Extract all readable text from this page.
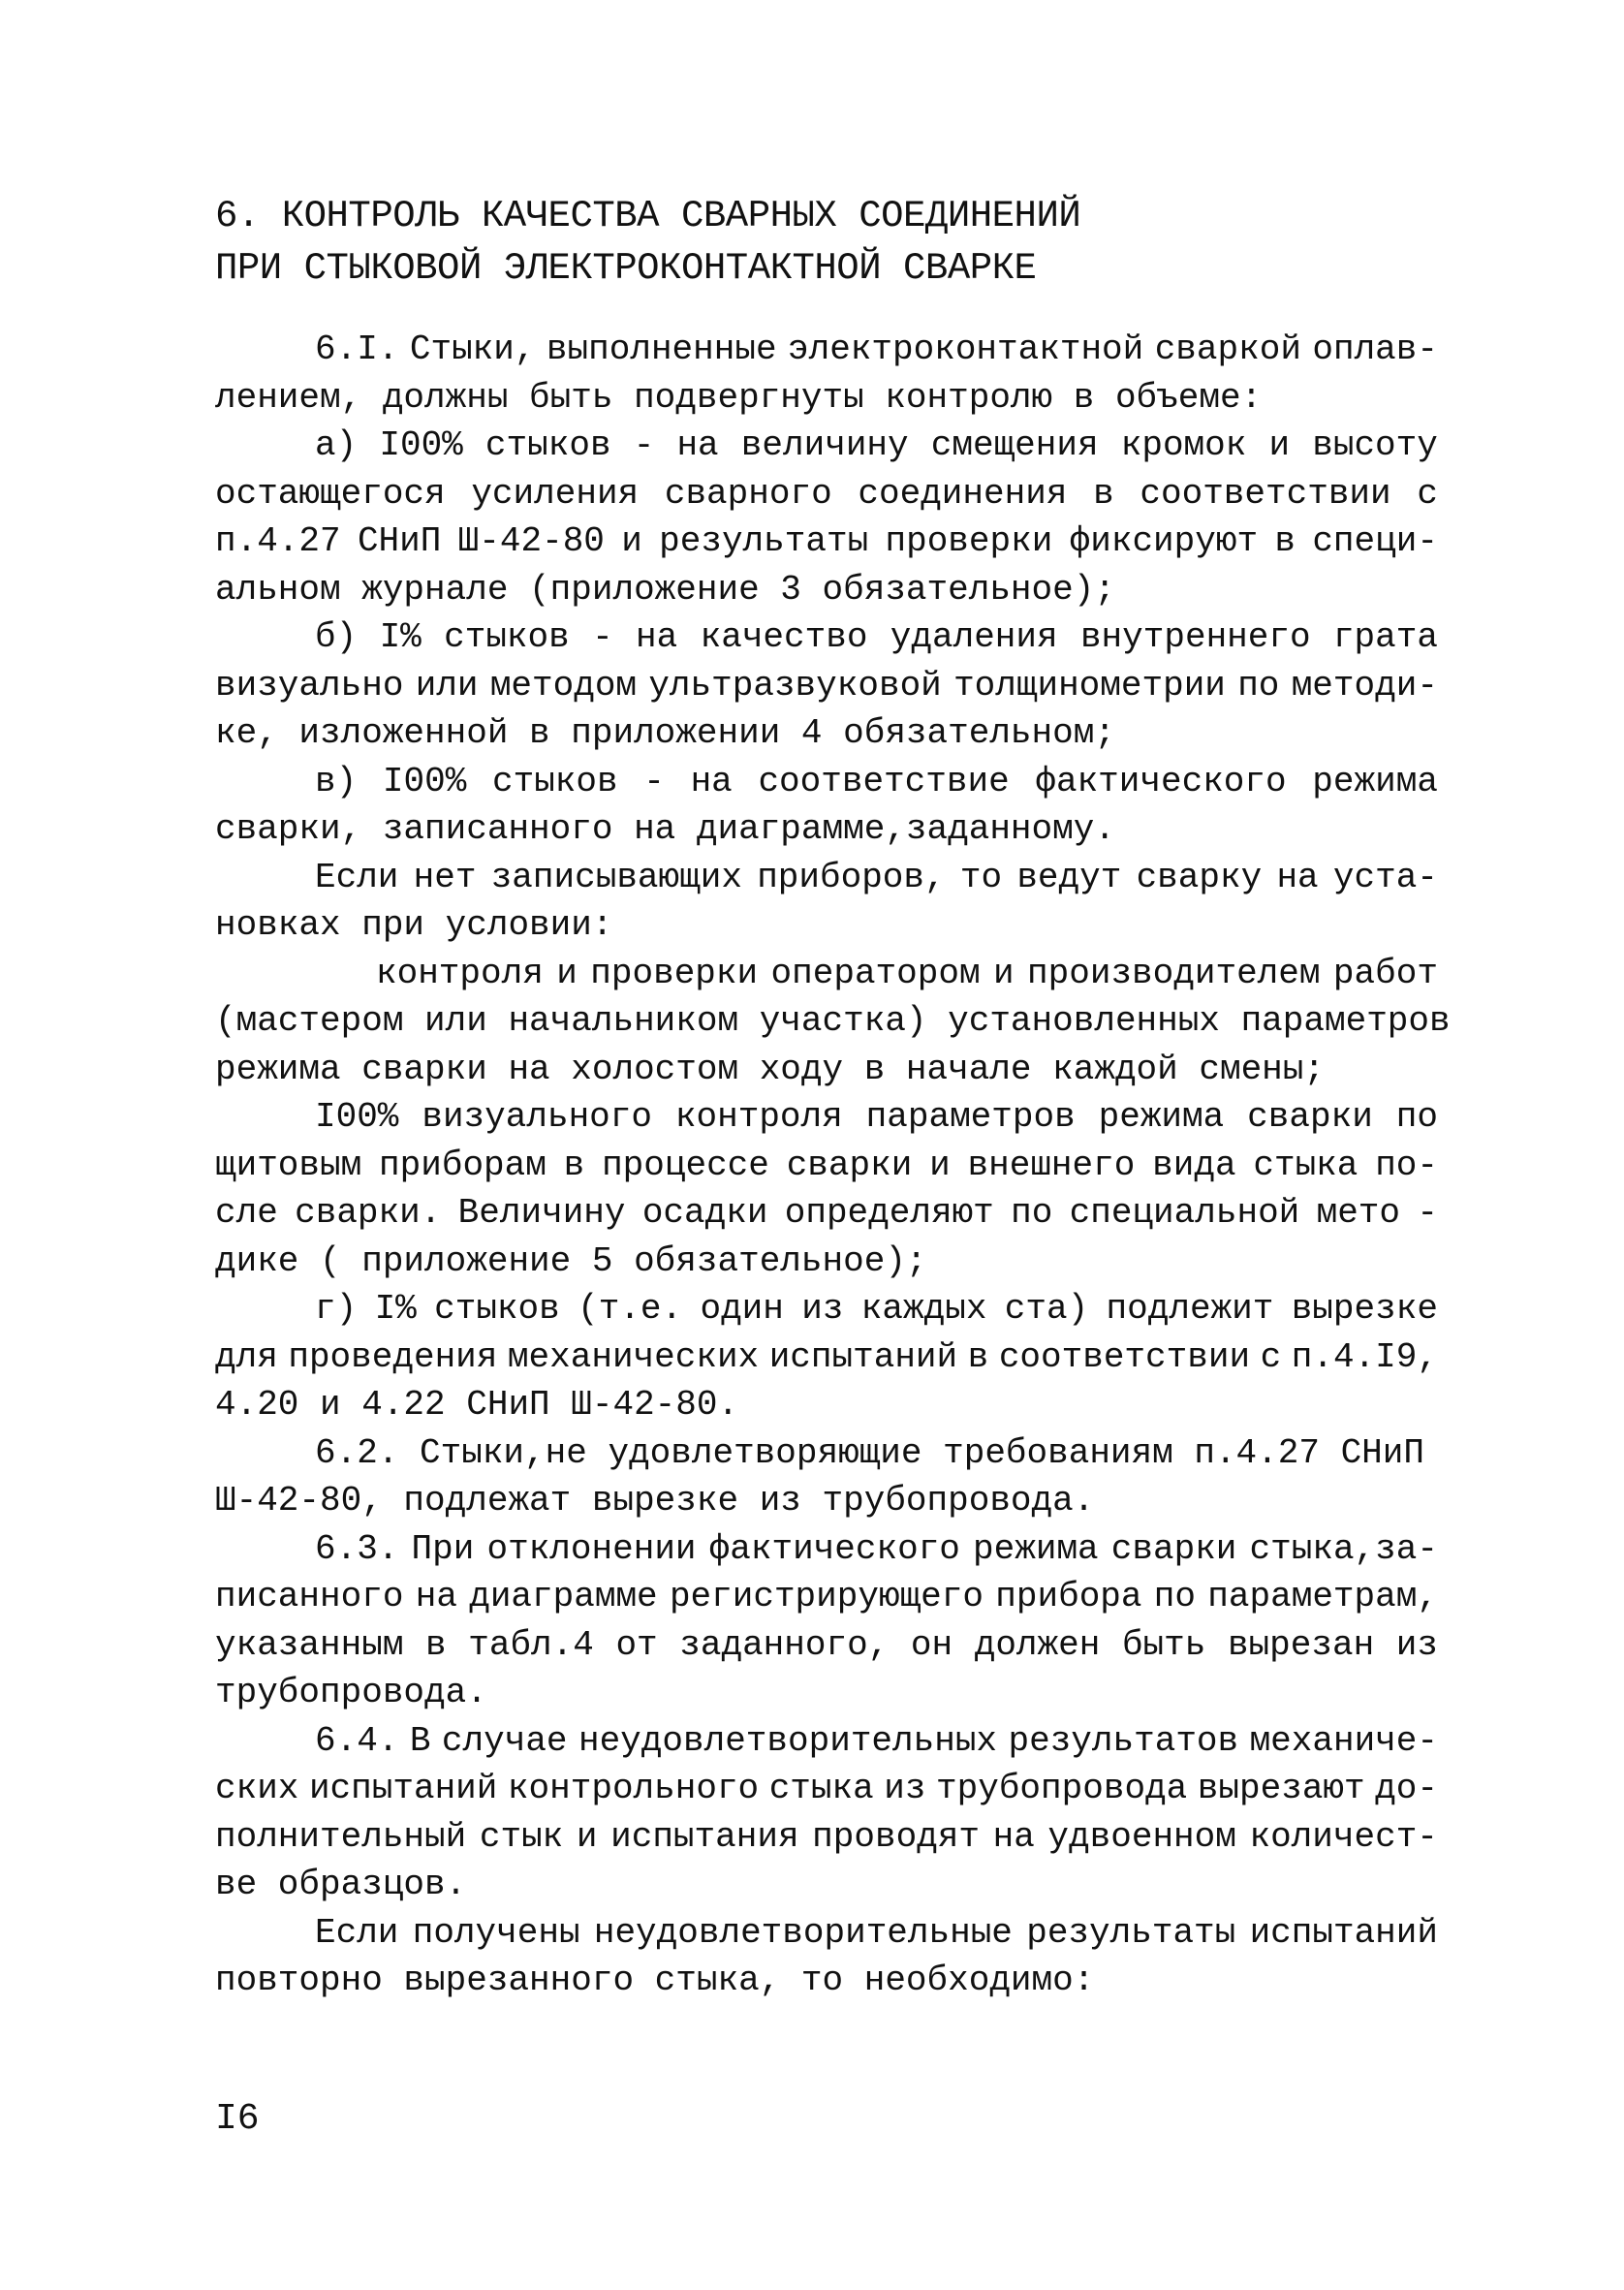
6. КОНТРОЛЬ КАЧЕСТВА СВАРНЫХ СОЕДИНЕНИЙ
ПРИ СТЫКОВОЙ ЭЛЕКТРОКОНТАКТНОЙ СВАРКЕ
6.I. Стыки, выполненные электроконтактной сваркой оплав-
лением, должны быть подвергнуты контролю в объеме:
а) I00% стыков - на величину смещения кромок и высоту
остающегося усиления сварного соединения в соответствии с
п.4.27 СНиП Ш-42-80 и результаты проверки фиксируют в специ-
альном журнале (приложение 3 обязательное);
б) I% стыков - на качество удаления внутреннего грата
визуально или методом ультразвуковой толщинометрии по методи-
ке, изложенной в приложении 4 обязательном;
в) I00% стыков - на соответствие фактического режима
сварки, записанного на диаграмме,заданному.
Если нет записывающих приборов, то ведут сварку на уста-
новках при условии:
контроля и проверки оператором и производителем работ
(мастером или начальником участка) установленных параметров
режима сварки на холостом ходу в начале каждой смены;
I00% визуального контроля параметров режима сварки по
щитовым приборам в процессе сварки и внешнего вида стыка по-
сле сварки. Величину осадки определяют по специальной мето -
дике ( приложение 5 обязательное);
г) I% стыков (т.е. один из каждых ста) подлежит вырезке
для проведения механических испытаний в соответствии с п.4.I9,
4.20 и 4.22 СНиП Ш-42-80.
6.2. Стыки,не удовлетворяющие требованиям п.4.27 СНиП
Ш-42-80, подлежат вырезке из трубопровода.
6.3. При отклонении фактического режима сварки стыка,за-
писанного на диаграмме регистрирующего прибора по параметрам,
указанным в табл.4 от заданного, он должен быть вырезан из
трубопровода.
6.4. В случае неудовлетворительных результатов механиче-
ских испытаний контрольного стыка из трубопровода вырезают до-
полнительный стык и испытания проводят на удвоенном количест-
ве образцов.
Если получены неудовлетворительные результаты испытаний
повторно вырезанного стыка, то необходимо:
I6
